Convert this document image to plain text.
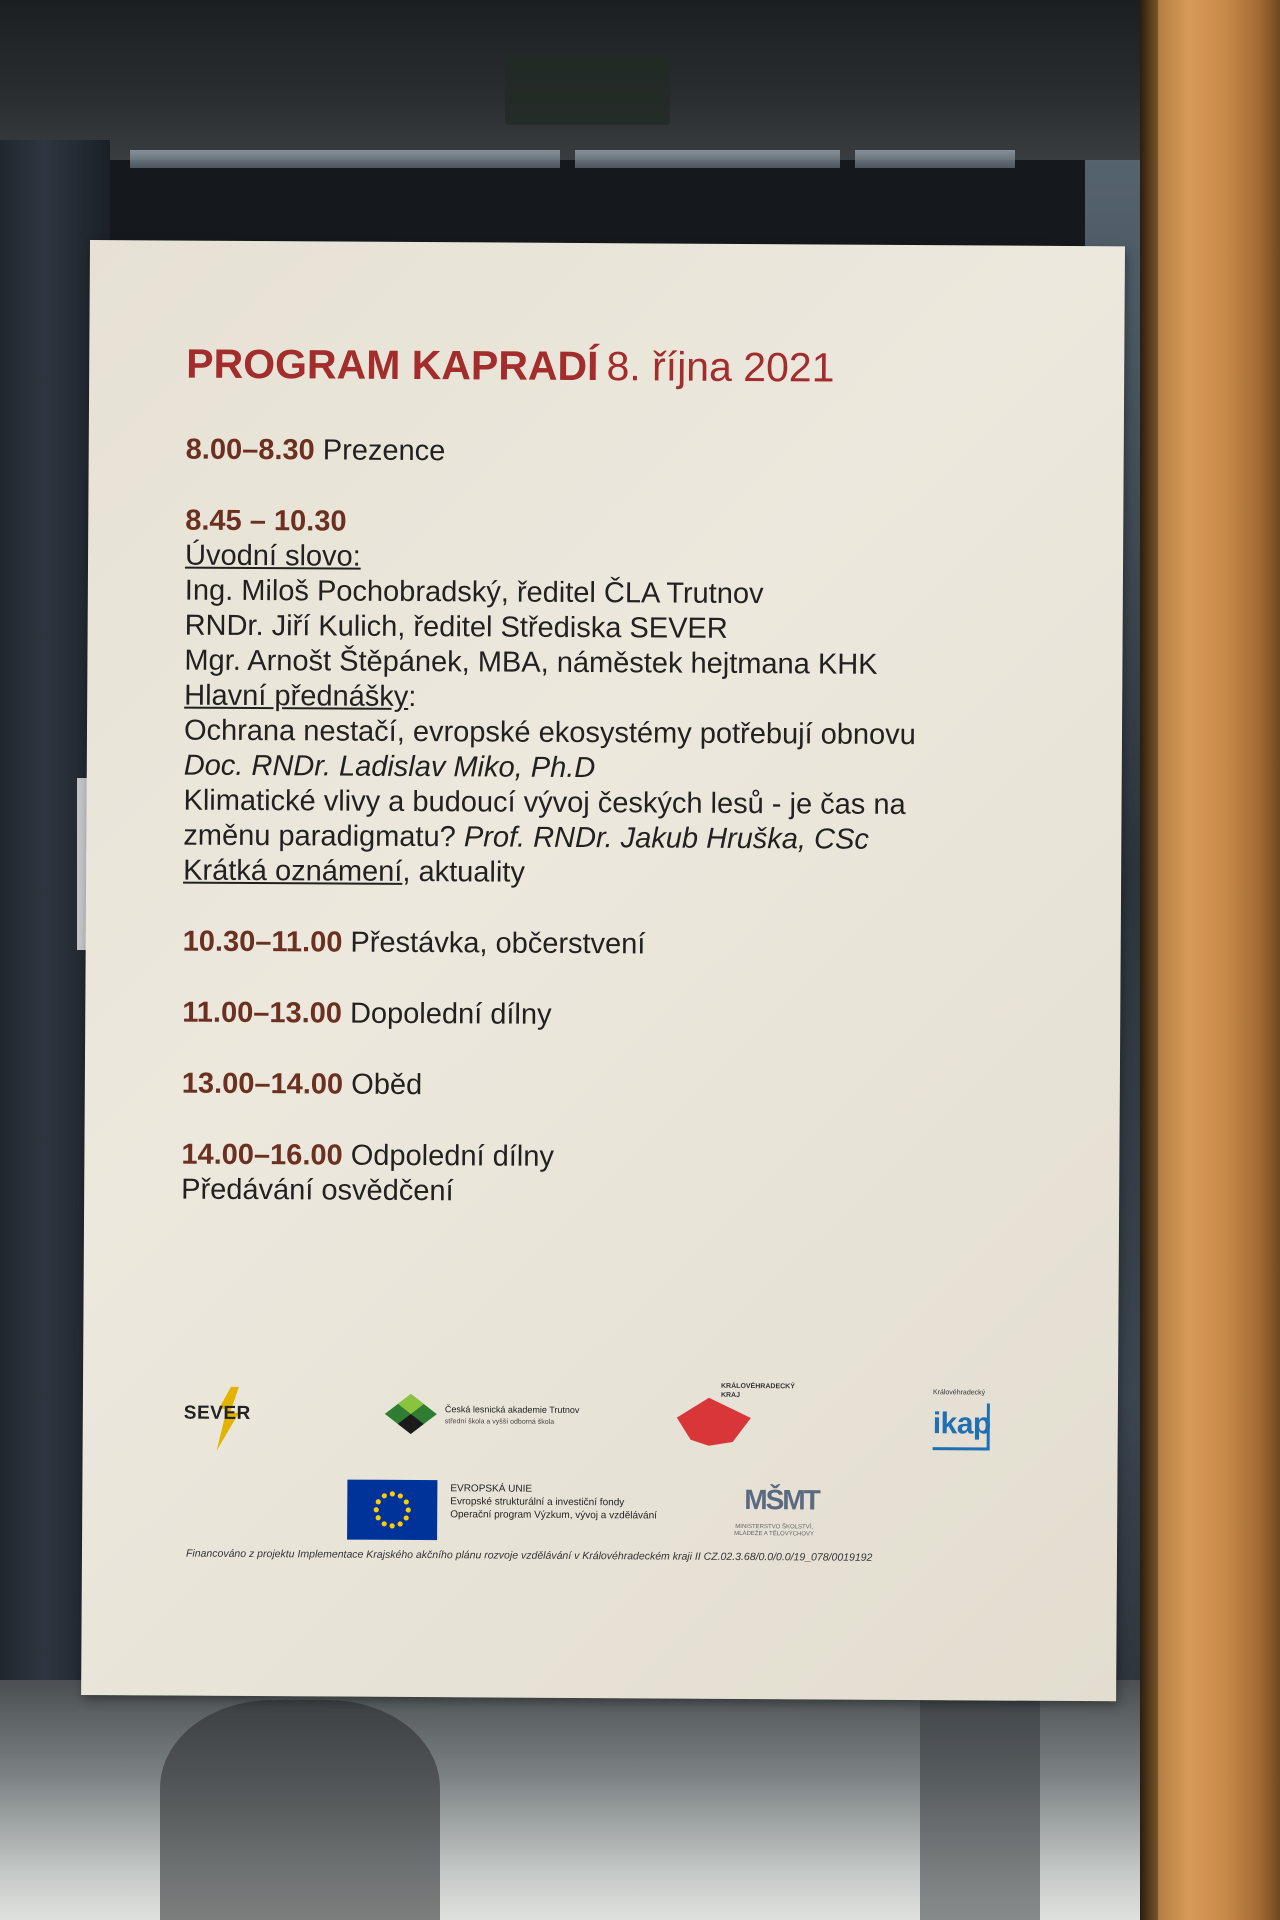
PROGRAM KAPRADÍ 8. října 2021
8.00–8.30 Prezence
8.45 – 10.30
Úvodní slovo:
Ing. Miloš Pochobradský, ředitel ČLA Trutnov
RNDr. Jiří Kulich, ředitel Střediska SEVER
Mgr. Arnošt Štěpánek, MBA, náměstek hejtmana KHK
Hlavní přednášky:
Ochrana nestačí, evropské ekosystémy potřebují obnovu
Doc. RNDr. Ladislav Miko, Ph.D
Klimatické vlivy a budoucí vývoj českých lesů - je čas na
změnu paradigmatu? Prof. RNDr. Jakub Hruška, CSc
Krátká oznámení, aktuality
10.30–11.00 Přestávka, občerstvení
11.00–13.00 Dopolední dílny
13.00–14.00 Oběd
14.00–16.00 Odpolední dílny
Předávání osvědčení
SEVER	Česká lesnická akademie Trutnov
střední škola a vyšší odborná škola
KRÁLOVÉHRADECKÝ
KRAJ	Královéhradecký
ikap
EVROPSKÁ UNIE
Evropské strukturální a investiční fondy
Operační program Výzkum, vývoj a vzdělávání	MŠMT
MINISTERSTVO ŠKOLSTVÍ,
MLÁDEŽE A TĚLOVÝCHOVY
Financováno z projektu Implementace Krajského akčního plánu rozvoje vzdělávání v Královéhradeckém kraji II CZ.02.3.68/0.0/0.0/19_078/0019192
